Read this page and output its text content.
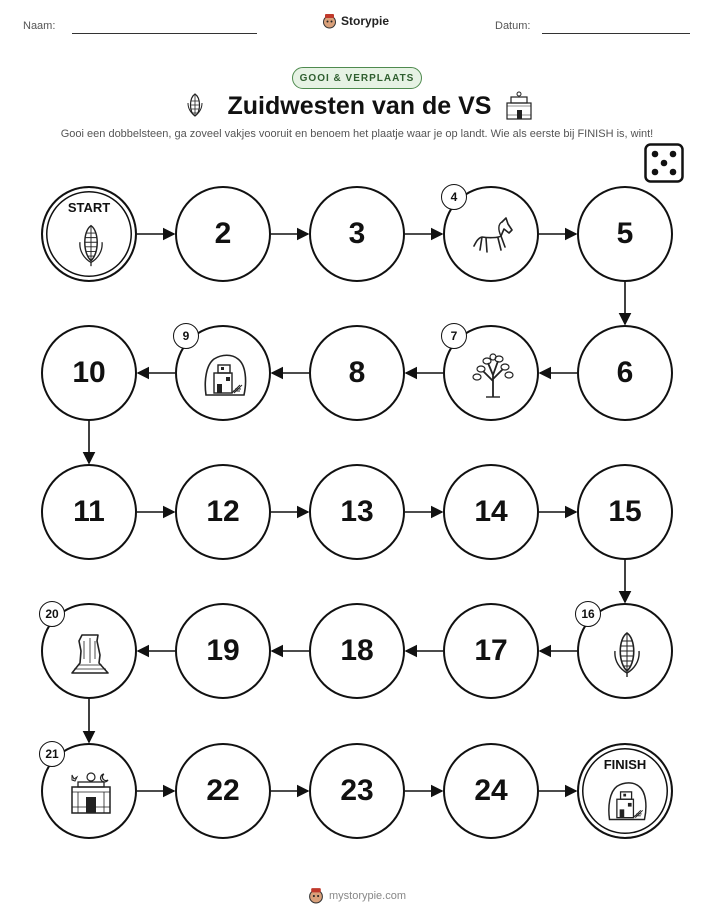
Naam:	Storypie	Datum:
GOOI & VERPLAATS
Zuidwesten van de VS
Gooi een dobbelsteen, ga zoveel vakjes vooruit en benoem het plaatje waar je op landt. Wie als eerste bij FINISH is, wint!
START
2	3
4
5
6
7
8
9
10
11	12	13	14	15
16
17
18
19
20
21
22	23	24
FINISH
mystorypie.com
